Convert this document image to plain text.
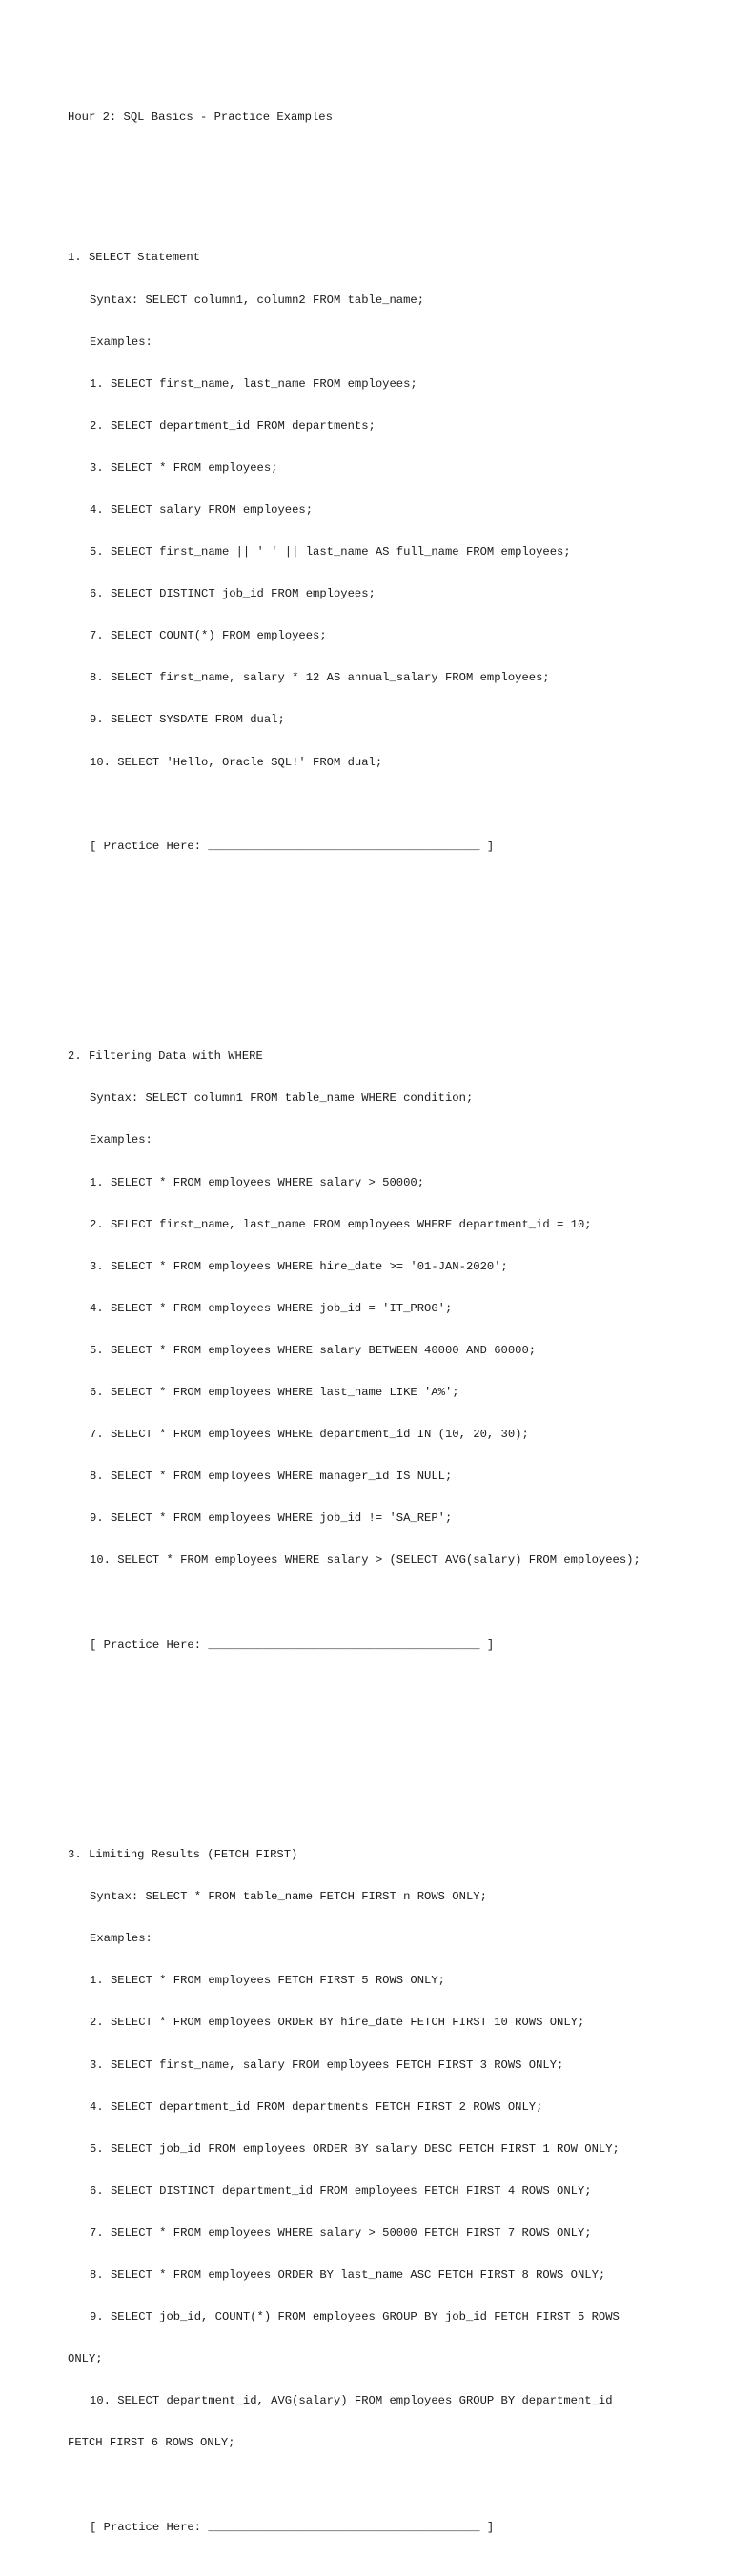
Hour 2: SQL Basics - Practice Examples

1. SELECT Statement

Syntax: SELECT column1, column2 FROM table_name;

Examples:

1. SELECT first_name, last_name FROM employees;

2. SELECT department_id FROM departments;

3. SELECT * FROM employees;

4. SELECT salary FROM employees;

5. SELECT first_name || ' ' || last_name AS full_name FROM employees;

6. SELECT DISTINCT job_id FROM employees;

7. SELECT COUNT(*) FROM employees;

8. SELECT first_name, salary * 12 AS annual_salary FROM employees;

9. SELECT SYSDATE FROM dual;

10. SELECT 'Hello, Oracle SQL!' FROM dual;

[ Practice Here: _______________________________________ ]

2. Filtering Data with WHERE

Syntax: SELECT column1 FROM table_name WHERE condition;

Examples:

1. SELECT * FROM employees WHERE salary > 50000;

2. SELECT first_name, last_name FROM employees WHERE department_id = 10;

3. SELECT * FROM employees WHERE hire_date >= '01-JAN-2020';

4. SELECT * FROM employees WHERE job_id = 'IT_PROG';

5. SELECT * FROM employees WHERE salary BETWEEN 40000 AND 60000;

6. SELECT * FROM employees WHERE last_name LIKE 'A%';

7. SELECT * FROM employees WHERE department_id IN (10, 20, 30);

8. SELECT * FROM employees WHERE manager_id IS NULL;

9. SELECT * FROM employees WHERE job_id != 'SA_REP';

10. SELECT * FROM employees WHERE salary > (SELECT AVG(salary) FROM employees);

[ Practice Here: _______________________________________ ]

3. Limiting Results (FETCH FIRST)

Syntax: SELECT * FROM table_name FETCH FIRST n ROWS ONLY;

Examples:

1. SELECT * FROM employees FETCH FIRST 5 ROWS ONLY;

2. SELECT * FROM employees ORDER BY hire_date FETCH FIRST 10 ROWS ONLY;

3. SELECT first_name, salary FROM employees FETCH FIRST 3 ROWS ONLY;

4. SELECT department_id FROM departments FETCH FIRST 2 ROWS ONLY;

5. SELECT job_id FROM employees ORDER BY salary DESC FETCH FIRST 1 ROW ONLY;

6. SELECT DISTINCT department_id FROM employees FETCH FIRST 4 ROWS ONLY;

7. SELECT * FROM employees WHERE salary > 50000 FETCH FIRST 7 ROWS ONLY;

8. SELECT * FROM employees ORDER BY last_name ASC FETCH FIRST 8 ROWS ONLY;

9. SELECT job_id, COUNT(*) FROM employees GROUP BY job_id FETCH FIRST 5 ROWS

ONLY;

10. SELECT department_id, AVG(salary) FROM employees GROUP BY department_id

FETCH FIRST 6 ROWS ONLY;

[ Practice Here: _______________________________________ ]
